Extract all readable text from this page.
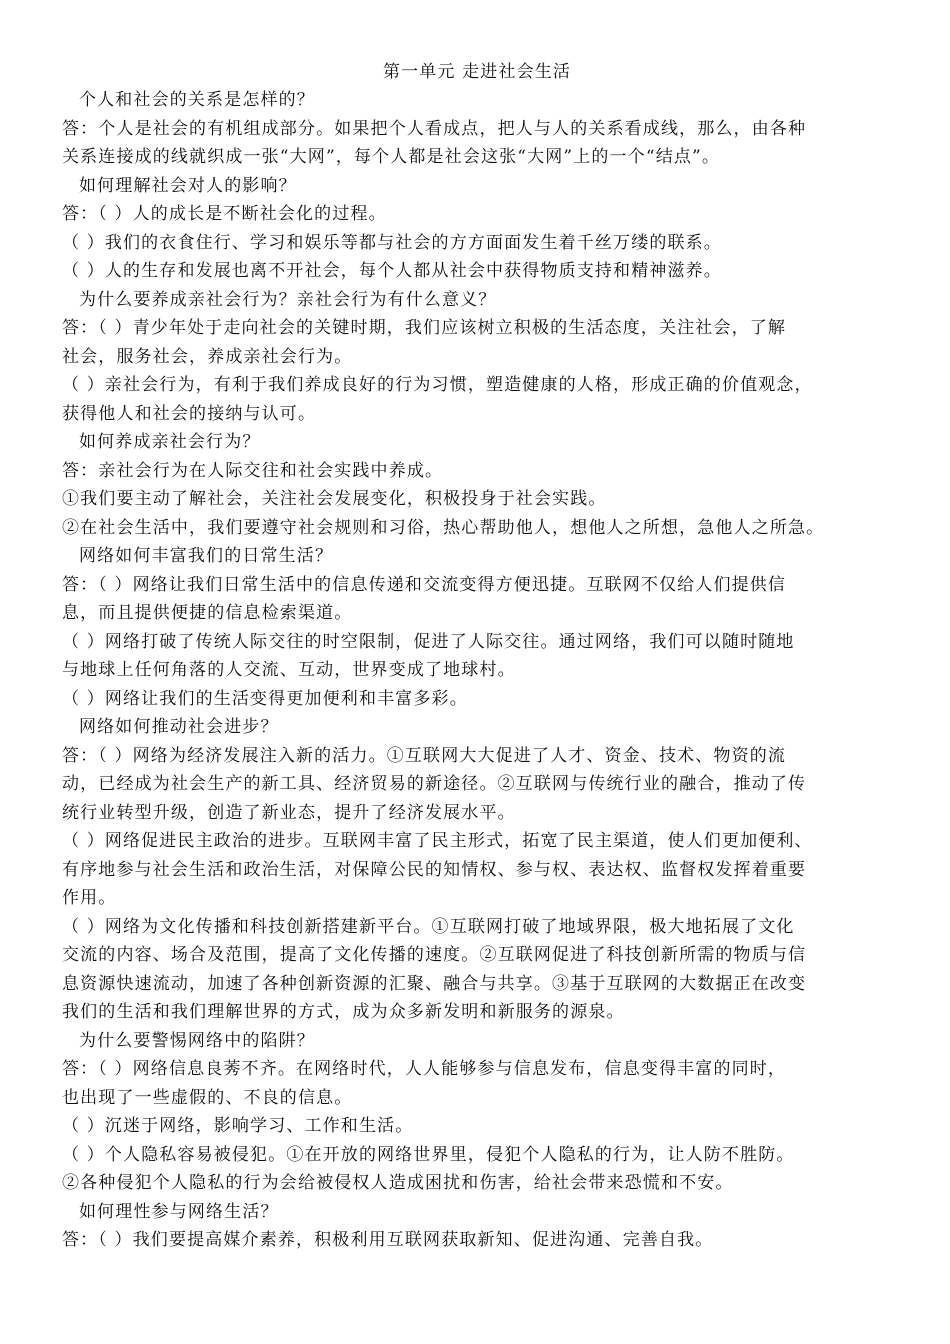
第一单元 走进社会生活
个人和社会的关系是怎样的？
答：个人是社会的有机组成部分。如果把个人看成点，把人与人的关系看成线，那么，由各种
关系连接成的线就织成一张“大网”，每个人都是社会这张“大网”上的一个“结点”。
如何理解社会对人的影响？
答：（ ）人的成长是不断社会化的过程。
（ ）我们的衣食住行、学习和娱乐等都与社会的方方面面发生着千丝万缕的联系。
（ ）人的生存和发展也离不开社会，每个人都从社会中获得物质支持和精神滋养。
为什么要养成亲社会行为？亲社会行为有什么意义？
答：（ ）青少年处于走向社会的关键时期，我们应该树立积极的生活态度，关注社会，了解
社会，服务社会，养成亲社会行为。
（ ）亲社会行为，有利于我们养成良好的行为习惯，塑造健康的人格，形成正确的价值观念，
获得他人和社会的接纳与认可。
如何养成亲社会行为？
答：亲社会行为在人际交往和社会实践中养成。
①我们要主动了解社会，关注社会发展变化，积极投身于社会实践。
②在社会生活中，我们要遵守社会规则和习俗，热心帮助他人，想他人之所想，急他人之所急。
网络如何丰富我们的日常生活？
答：（ ）网络让我们日常生活中的信息传递和交流变得方便迅捷。互联网不仅给人们提供信
息，而且提供便捷的信息检索渠道。
（ ）网络打破了传统人际交往的时空限制，促进了人际交往。通过网络，我们可以随时随地
与地球上任何角落的人交流、互动，世界变成了地球村。
（ ）网络让我们的生活变得更加便利和丰富多彩。
网络如何推动社会进步？
答：（ ）网络为经济发展注入新的活力。①互联网大大促进了人才、资金、技术、物资的流
动，已经成为社会生产的新工具、经济贸易的新途径。②互联网与传统行业的融合，推动了传
统行业转型升级，创造了新业态，提升了经济发展水平。
（ ）网络促进民主政治的进步。互联网丰富了民主形式，拓宽了民主渠道，使人们更加便利、
有序地参与社会生活和政治生活，对保障公民的知情权、参与权、表达权、监督权发挥着重要
作用。
（ ）网络为文化传播和科技创新搭建新平台。①互联网打破了地域界限，极大地拓展了文化
交流的内容、场合及范围，提高了文化传播的速度。②互联网促进了科技创新所需的物质与信
息资源快速流动，加速了各种创新资源的汇聚、融合与共享。③基于互联网的大数据正在改变
我们的生活和我们理解世界的方式，成为众多新发明和新服务的源泉。
为什么要警惕网络中的陷阱？
答：（ ）网络信息良莠不齐。在网络时代，人人能够参与信息发布，信息变得丰富的同时，
也出现了一些虚假的、不良的信息。
（ ）沉迷于网络，影响学习、工作和生活。
（ ）个人隐私容易被侵犯。①在开放的网络世界里，侵犯个人隐私的行为，让人防不胜防。
②各种侵犯个人隐私的行为会给被侵权人造成困扰和伤害，给社会带来恐慌和不安。
如何理性参与网络生活？
答：（ ）我们要提高媒介素养，积极利用互联网获取新知、促进沟通、完善自我。
